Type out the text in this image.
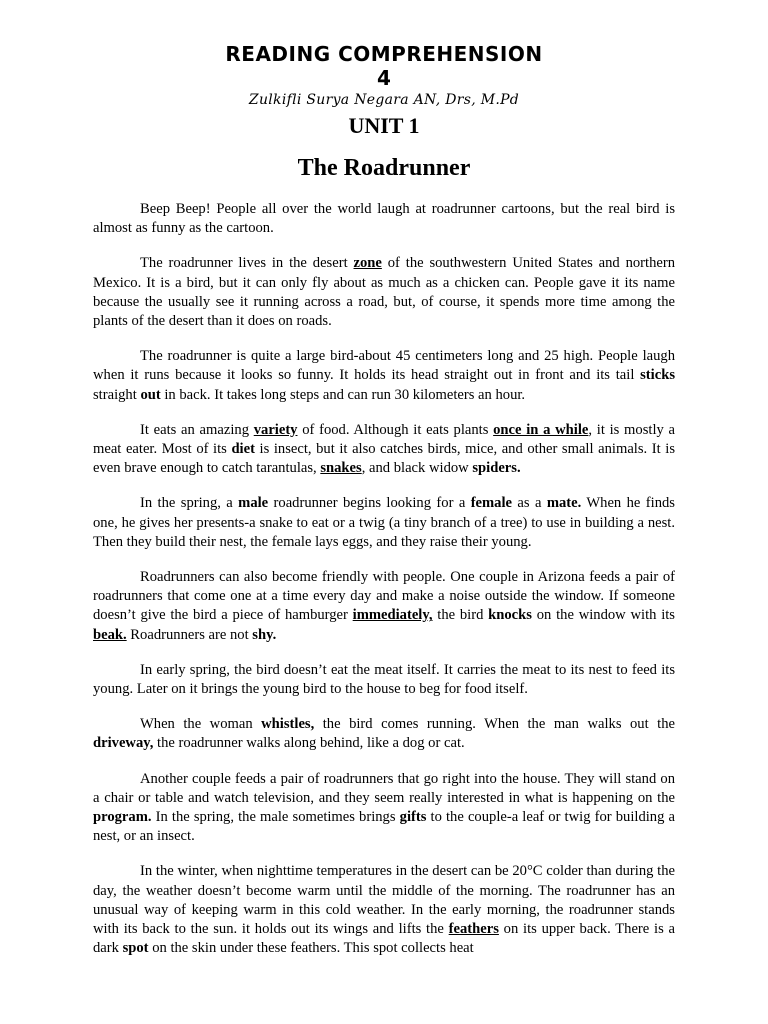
READING COMPREHENSION
4
Zulkifli Surya Negara AN, Drs, M.Pd
UNIT 1
The Roadrunner

Beep Beep! People all over the world laugh at roadrunner cartoons, but the real bird is almost as funny as the cartoon.

The roadrunner lives in the desert zone of the southwestern United States and northern Mexico. It is a bird, but it can only fly about as much as a chicken can. People gave it its name because the usually see it running across a road, but, of course, it spends more time among the plants of the desert than it does on roads.

The roadrunner is quite a large bird-about 45 centimeters long and 25 high. People laugh when it runs because it looks so funny. It holds its head straight out in front and its tail sticks straight out in back. It takes long steps and can run 30 kilometers an hour.

It eats an amazing variety of food. Although it eats plants once in a while, it is mostly a meat eater. Most of its diet is insect, but it also catches birds, mice, and other small animals. It is even brave enough to catch tarantulas, snakes, and black widow spiders.

In the spring, a male roadrunner begins looking for a female as a mate. When he finds one, he gives her presents-a snake to eat or a twig (a tiny branch of a tree) to use in building a nest. Then they build their nest, the female lays eggs, and they raise their young.

Roadrunners can also become friendly with people. One couple in Arizona feeds a pair of roadrunners that come one at a time every day and make a noise outside the window. If someone doesn’t give the bird a piece of hamburger immediately, the bird knocks on the window with its beak. Roadrunners are not shy.

In early spring, the bird doesn’t eat the meat itself. It carries the meat to its nest to feed its young. Later on it brings the young bird to the house to beg for food itself.

When the woman whistles, the bird comes running. When the man walks out the driveway, the roadrunner walks along behind, like a dog or cat.

Another couple feeds a pair of roadrunners that go right into the house. They will stand on a chair or table and watch television, and they seem really interested in what is happening on the program. In the spring, the male sometimes brings gifts to the couple-a leaf or twig for building a nest, or an insect.

In the winter, when nighttime temperatures in the desert can be 20°C colder than during the day, the weather doesn’t become warm until the middle of the morning. The roadrunner has an unusual way of keeping warm in this cold weather. In the early morning, the roadrunner stands with its back to the sun. it holds out its wings and lifts the feathers on its upper back. There is a dark spot on the skin under these feathers. This spot collects heat
